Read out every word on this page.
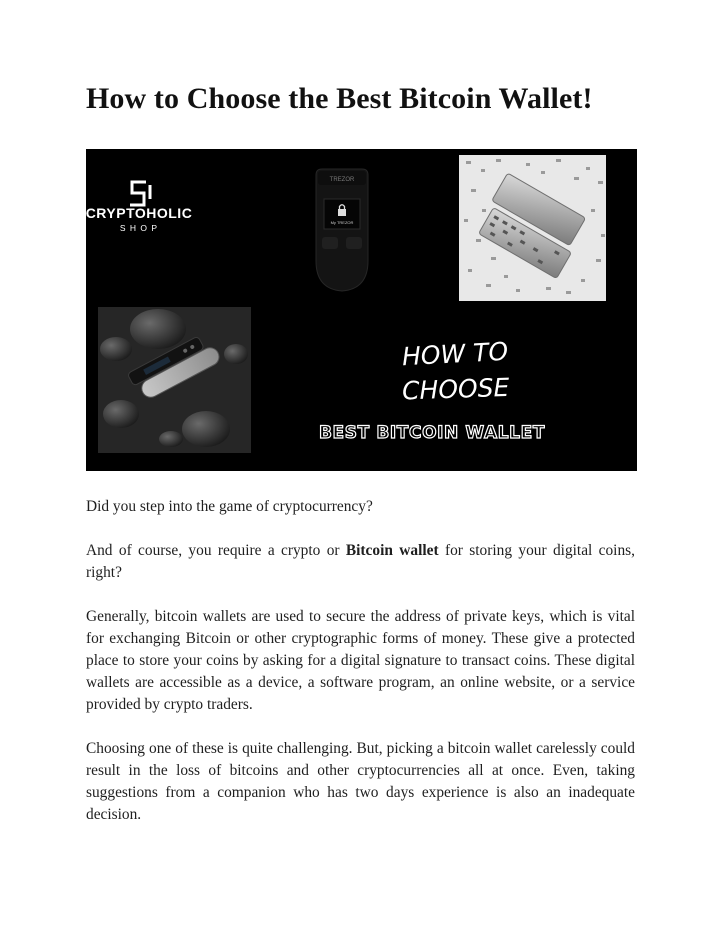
How to Choose the Best Bitcoin Wallet!
CRYPTOHOLIC
S H O P
TREZOR
My TREZOR
HOW TO
CHOOSE
BEST BITCOIN WALLET

Did you step into the game of cryptocurrency?

And of course, you require a crypto or Bitcoin wallet for storing your digital coins, right?

Generally, bitcoin wallets are used to secure the address of private keys, which is vital for exchanging Bitcoin or other cryptographic forms of money. These give a protected place to store your coins by asking for a digital signature to transact coins. These digital wallets are accessible as a device, a software program, an online website, or a service provided by crypto traders.

Choosing one of these is quite challenging. But, picking a bitcoin wallet carelessly could result in the loss of bitcoins and other cryptocurrencies all at once. Even, taking suggestions from a companion who has two days experience is also an inadequate decision.
